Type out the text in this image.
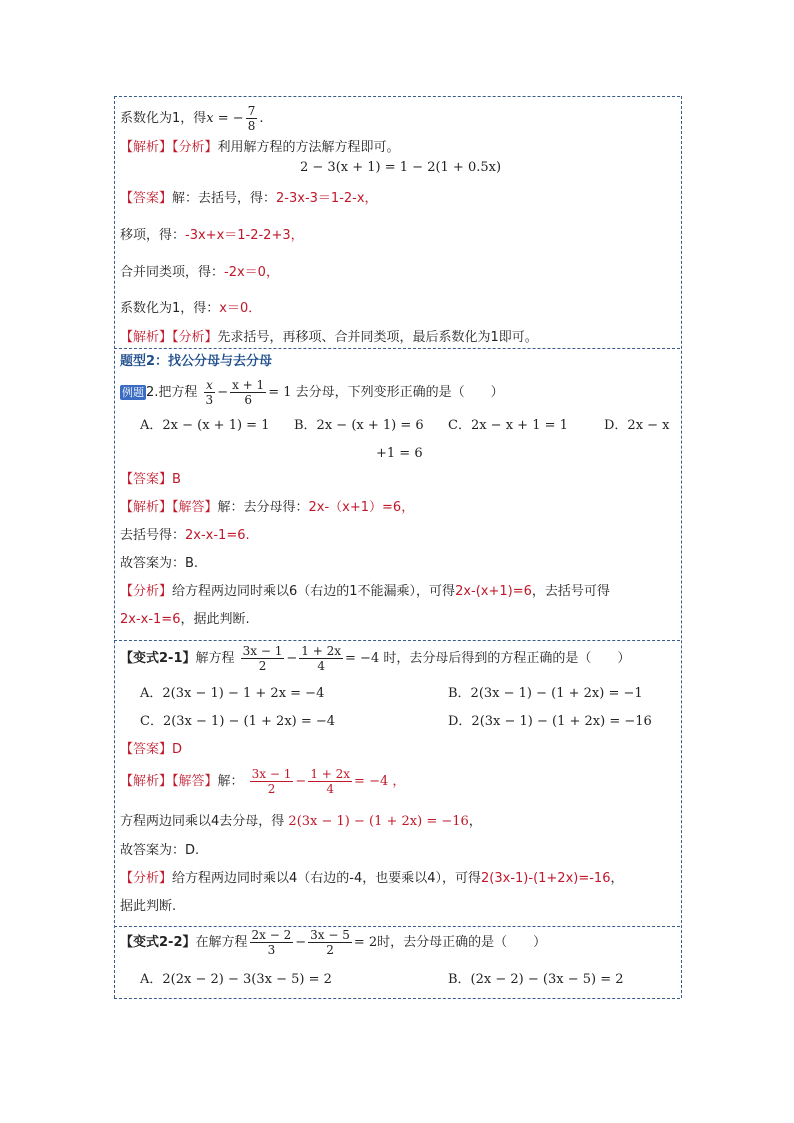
系数化为1，得x = − $\frac{7}{8}$ .
【解析】【分析】利用解方程的方法解方程即可。
2 − 3(x + 1) = 1 − 2(1 + 0.5x)
【答案】解：去括号，得：2-3x-3＝1-2-x，
移项，得：-3x+x＝1-2-2+3，
合并同类项，得：-2x＝0，
系数化为1，得：x＝0．
【解析】【分析】先求括号，再移项、合并同类项，最后系数化为1即可。
题型2：找公分母与去分母
例题 2.把方程 $\frac{x}{3} - \frac{x + 1}{6} = 1$ 去分母，下列变形正确的是（　　）
A．2x − (x + 1) = 1 B．2x − (x + 1) = 6 C．2x − x + 1 = 1	D．2x − x
+1 = 6
【答案】B
【解析】【解答】解：去分母得：2x-（x+1）=6，
去括号得：2x-x-1=6.
故答案为：B.
【分析】给方程两边同时乘以6（右边的1不能漏乘），可得2x-(x+1)=6，去括号可得
2x-x-1=6，据此判断.
【变式2-1】解方程 $\frac{3x - 1}{2} - \frac{1 + 2x}{4} = -4$ 时，去分母后得到的方程正确的是（　　）
A．2(3x − 1) − 1 + 2x = −4	B．2(3x − 1) − (1 + 2x) = −1
C．2(3x − 1) − (1 + 2x) = −4	D．2(3x − 1) − (1 + 2x) = −16
【答案】D
【解析】【解答】解： $\frac{3x - 1}{2} - \frac{1 + 2x}{4} = -4$ ，
方程两边同乘以4去分母，得 2(3x − 1) − (1 + 2x) = −16，
故答案为：D.
【分析】给方程两边同时乘以4（右边的-4，也要乘以4），可得2(3x-1)-(1+2x)=-16，
据此判断.
【变式2-2】在解方程 $\frac{2x - 2}{3} - \frac{3x - 5}{2} = 2$时，去分母正确的是（　　）
A．2(2x − 2) − 3(3x − 5) = 2	B．(2x − 2) − (3x − 5) = 2
